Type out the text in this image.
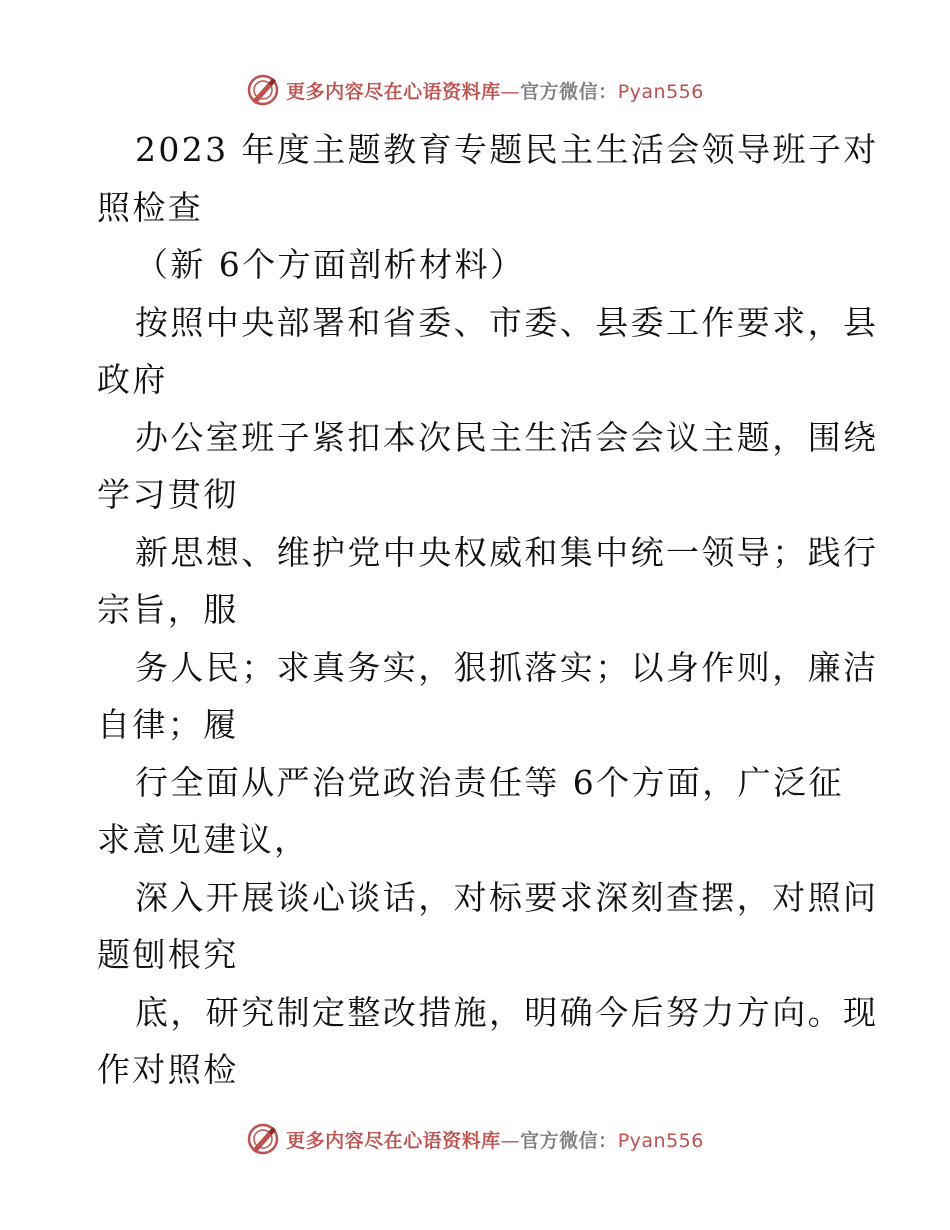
更多内容尽在心语资料库—官方微信：Pyan556
2023 年度主题教育专题民主生活会领导班子对
照检查
（新 6个方面剖析材料）
按照中央部署和省委、市委、县委工作要求，县
政府
办公室班子紧扣本次民主生活会会议主题，围绕
学习贯彻
新思想、维护党中央权威和集中统一领导；践行
宗旨，服
务人民；求真务实，狠抓落实；以身作则，廉洁
自律；履
行全面从严治党政治责任等 6个方面，广泛征
求意见建议，
深入开展谈心谈话，对标要求深刻查摆，对照问
题刨根究
底，研究制定整改措施，明确今后努力方向。现
作对照检
更多内容尽在心语资料库—官方微信：Pyan556
